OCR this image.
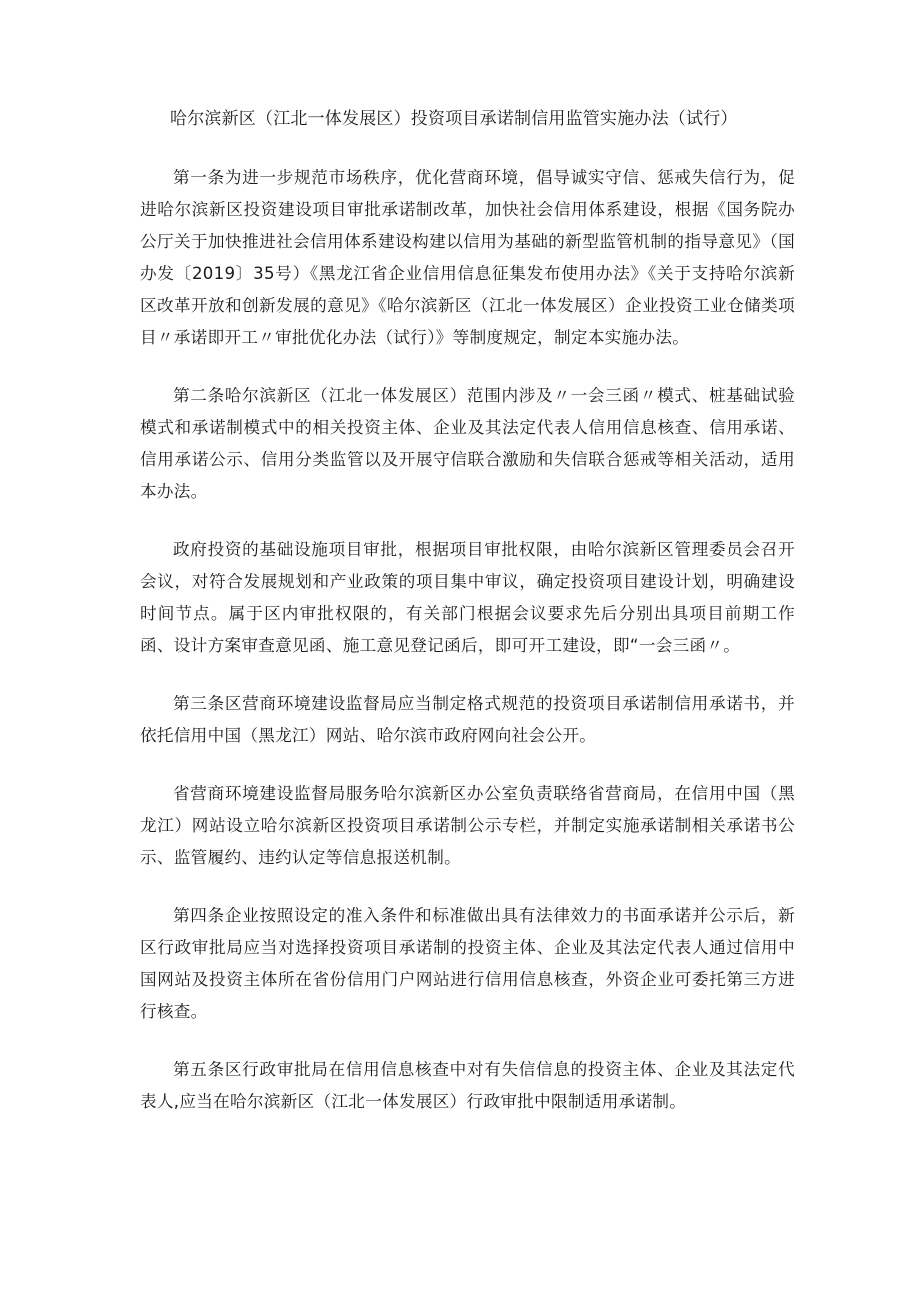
哈尔滨新区（江北一体发展区）投资项目承诺制信用监管实施办法（试行）

第一条为进一步规范市场秩序，优化营商环境，倡导诚实守信、惩戒失信行为，促进哈尔滨新区投资建设项目审批承诺制改革，加快社会信用体系建设，根据《国务院办公厅关于加快推进社会信用体系建设构建以信用为基础的新型监管机制的指导意见》（国办发〔2019〕35号）《黑龙江省企业信用信息征集发布使用办法》《关于支持哈尔滨新区改革开放和创新发展的意见》《哈尔滨新区（江北一体发展区）企业投资工业仓储类项目〃承诺即开工〃审批优化办法（试行）》等制度规定，制定本实施办法。

第二条哈尔滨新区（江北一体发展区）范围内涉及〃一会三函〃模式、桩基础试验模式和承诺制模式中的相关投资主体、企业及其法定代表人信用信息核查、信用承诺、信用承诺公示、信用分类监管以及开展守信联合激励和失信联合惩戒等相关活动，适用本办法。

政府投资的基础设施项目审批，根据项目审批权限，由哈尔滨新区管理委员会召开会议，对符合发展规划和产业政策的项目集中审议，确定投资项目建设计划，明确建设时间节点。属于区内审批权限的，有关部门根据会议要求先后分别出具项目前期工作函、设计方案审查意见函、施工意见登记函后，即可开工建设，即“一会三函〃。

第三条区营商环境建设监督局应当制定格式规范的投资项目承诺制信用承诺书，并依托信用中国（黑龙江）网站、哈尔滨市政府网向社会公开。

省营商环境建设监督局服务哈尔滨新区办公室负责联络省营商局，在信用中国（黑龙江）网站设立哈尔滨新区投资项目承诺制公示专栏，并制定实施承诺制相关承诺书公示、监管履约、违约认定等信息报送机制。

第四条企业按照设定的准入条件和标准做出具有法律效力的书面承诺并公示后，新区行政审批局应当对选择投资项目承诺制的投资主体、企业及其法定代表人通过信用中国网站及投资主体所在省份信用门户网站进行信用信息核查，外资企业可委托第三方进行核查。

第五条区行政审批局在信用信息核查中对有失信信息的投资主体、企业及其法定代表人,应当在哈尔滨新区（江北一体发展区）行政审批中限制适用承诺制。
